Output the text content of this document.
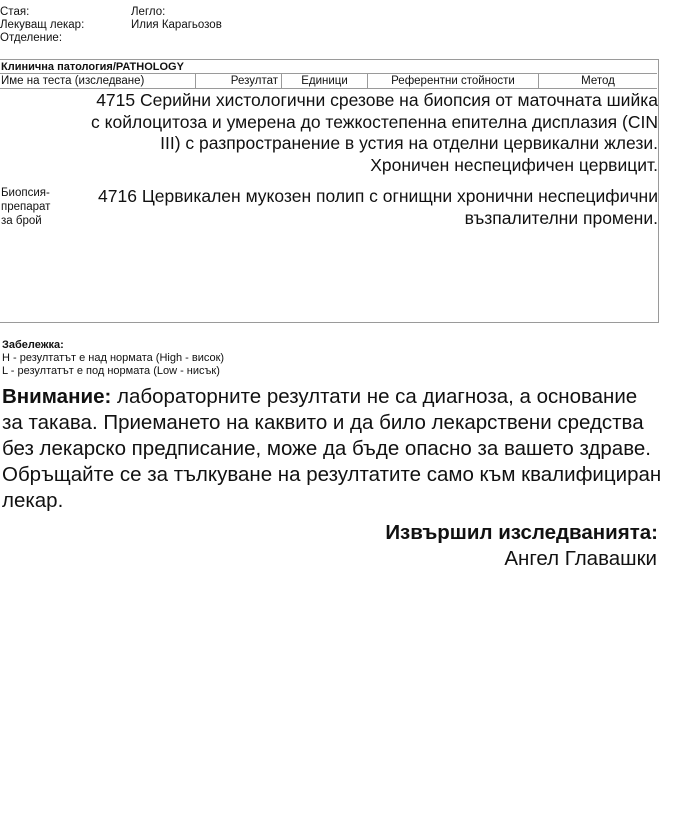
Стая:	Легло:
Лекуващ лекар:	Илия Карагьозов
Отделение:
Клинична патология/PATHOLOGY
Име на теста (изследване)	Резултат	Единици	Референтни стойности	Метод
4715 Серийни хистологични срезове на биопсия от маточната шийка
с койлоцитоза и умерена до тежкостепенна епителна дисплазия (CIN
III) с разпространение в устия на отделни цервикални жлези.
Хроничен неспецифичен цервицит.
Биопсия-
препарат
за брой
4716 Цервикален мукозен полип с огнищни хронични неспецифични
възпалителни промени.
Забележка:
H - резултатът е над нормата (High - висок)
L - резултатът е под нормата (Low - нисък)
Внимание: лабораторните резултати не са диагноза, а основание за такава. Приемането на каквито и да било лекарствени средства без лекарско предписание, може да бъде опасно за вашето здраве. Обръщайте се за тълкуване на резултатите само към квалифициран лекар.
Извършил изследванията:
Ангел Главашки
